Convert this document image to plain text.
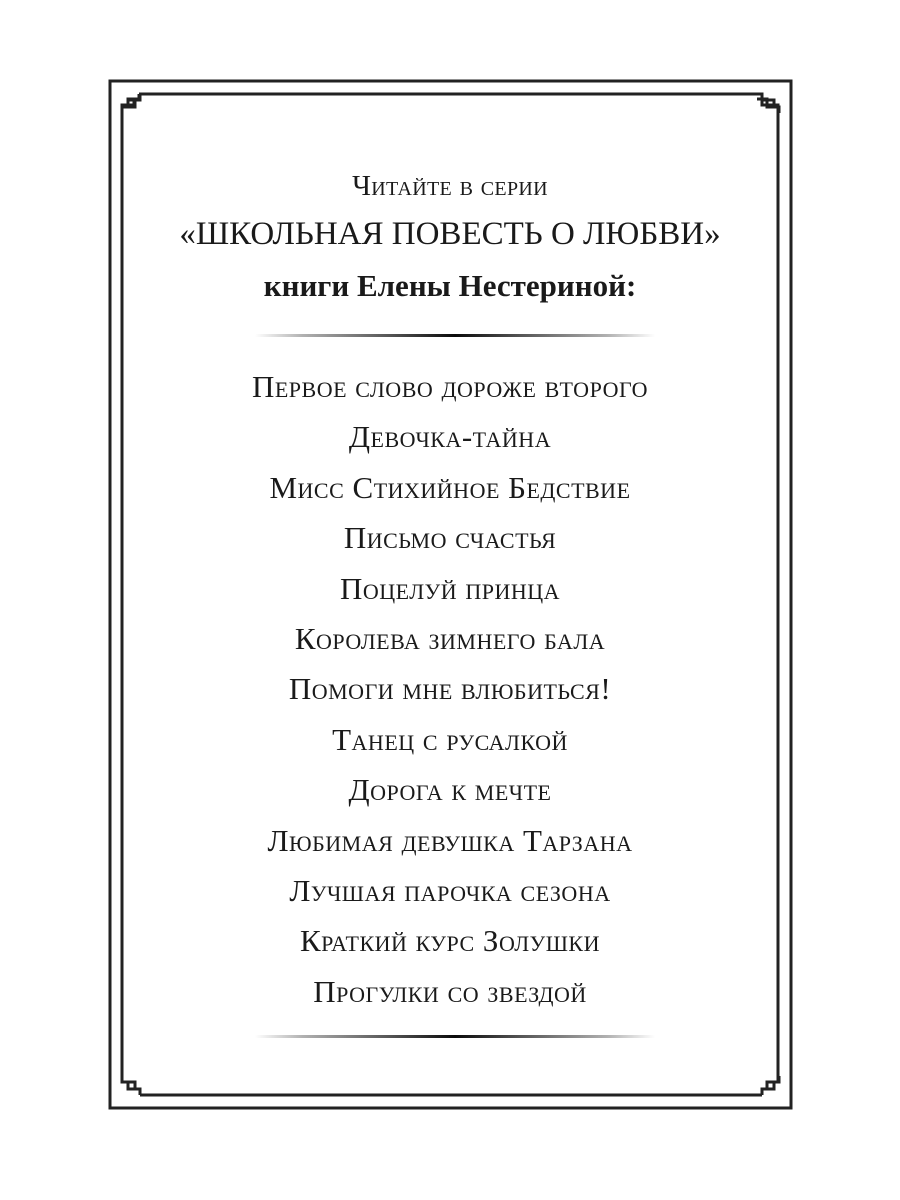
Читайте в серии
«ШКОЛЬНАЯ ПОВЕСТЬ О ЛЮБВИ»
книги Елены Нестериной:
Первое слово дороже второго
Девочка-тайна
Мисс Стихийное Бедствие
Письмо счастья
Поцелуй принца
Королева зимнего бала
Помоги мне влюбиться!
Танец с русалкой
Дорога к мечте
Любимая девушка Тарзана
Лучшая парочка сезона
Краткий курс Золушки
Прогулки со звездой
